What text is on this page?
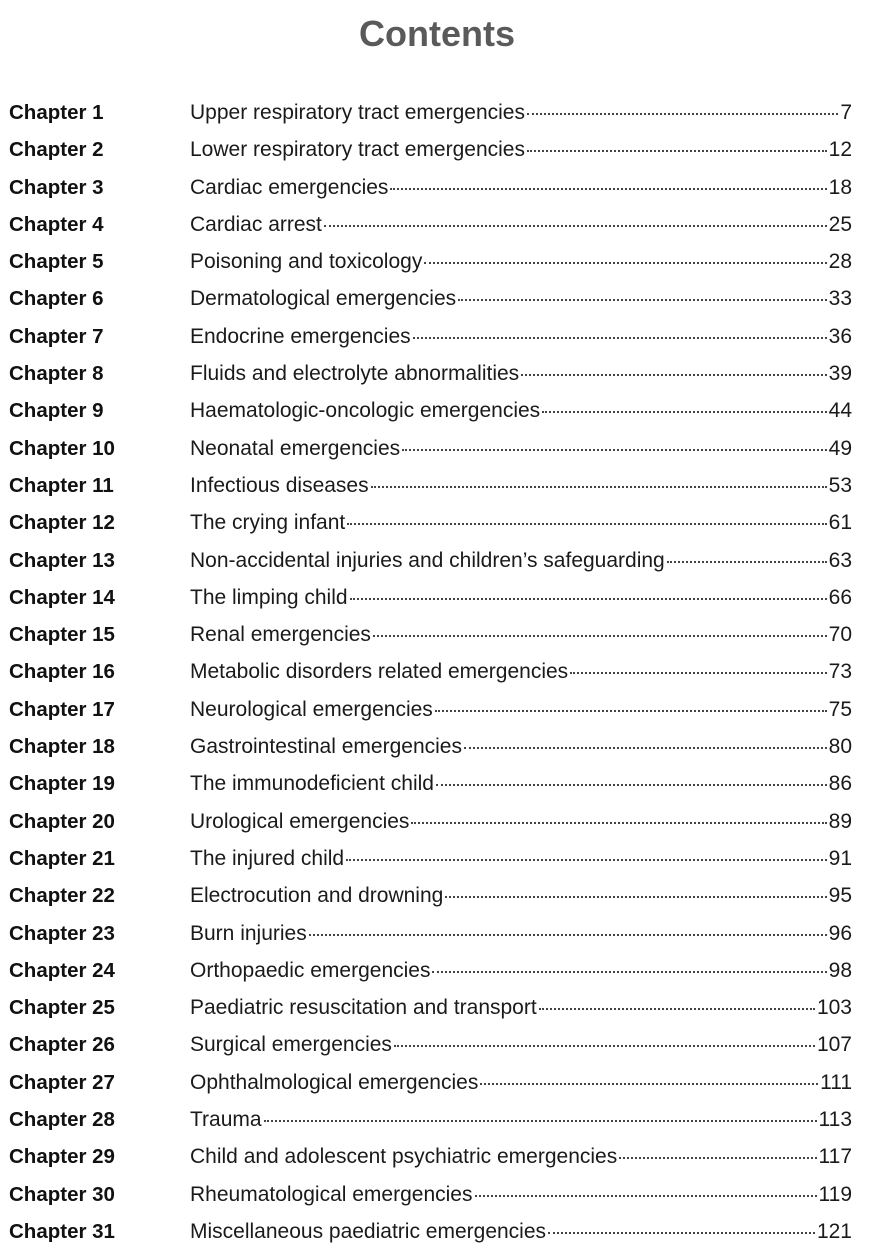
Contents
Chapter 1	Upper respiratory tract emergencies	7
Chapter 2	Lower respiratory tract emergencies	12
Chapter 3	Cardiac emergencies	18
Chapter 4	Cardiac arrest	25
Chapter 5	Poisoning and toxicology	28
Chapter 6	Dermatological emergencies	33
Chapter 7	Endocrine emergencies	36
Chapter 8	Fluids and electrolyte abnormalities	39
Chapter 9	Haematologic-oncologic emergencies	44
Chapter 10	Neonatal emergencies	49
Chapter 11	Infectious diseases	53
Chapter 12	The crying infant	61
Chapter 13	Non-accidental injuries and children’s safeguarding	63
Chapter 14	The limping child	66
Chapter 15	Renal emergencies	70
Chapter 16	Metabolic disorders related emergencies	73
Chapter 17	Neurological emergencies	75
Chapter 18	Gastrointestinal emergencies	80
Chapter 19	The immunodeficient child	86
Chapter 20	Urological emergencies	89
Chapter 21	The injured child	91
Chapter 22	Electrocution and drowning	95
Chapter 23	Burn injuries	96
Chapter 24	Orthopaedic emergencies	98
Chapter 25	Paediatric resuscitation and transport	103
Chapter 26	Surgical emergencies	107
Chapter 27	Ophthalmological emergencies	111
Chapter 28	Trauma	113
Chapter 29	Child and adolescent psychiatric emergencies	117
Chapter 30	Rheumatological emergencies	119
Chapter 31	Miscellaneous paediatric emergencies	121
